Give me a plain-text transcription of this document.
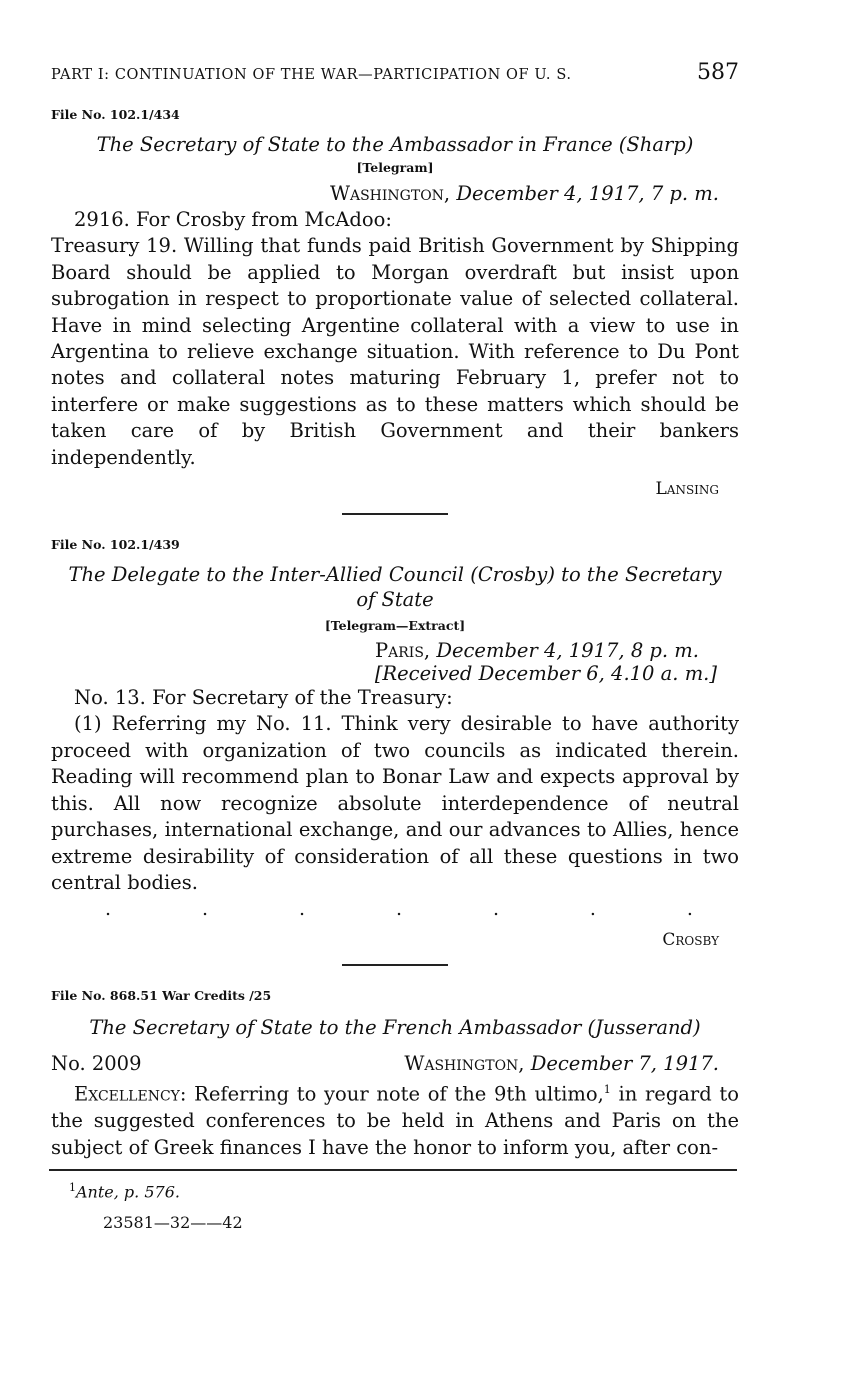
PART I: CONTINUATION OF THE WAR—PARTICIPATION OF U. S.	587
File No. 102.1/434
The Secretary of State to the Ambassador in France (Sharp)
[Telegram]
Washington, December 4, 1917, 7 p. m.
2916. For Crosby from McAdoo:
Treasury 19. Willing that funds paid British Government by Shipping Board should be applied to Morgan overdraft but insist upon subrogation in respect to proportionate value of selected collateral. Have in mind selecting Argentine collateral with a view to use in Argentina to relieve exchange situation. With reference to Du Pont notes and collateral notes maturing February 1, prefer not to interfere or make suggestions as to these matters which should be taken care of by British Government and their bankers independently.
Lansing
File No. 102.1/439
The Delegate to the Inter-Allied Council (Crosby) to the Secretary
of State
[Telegram—Extract]
Paris, December 4, 1917, 8 p. m.
[Received December 6, 4.10 a. m.]
No. 13. For Secretary of the Treasury:
(1) Referring my No. 11. Think very desirable to have authority proceed with organization of two councils as indicated therein. Reading will recommend plan to Bonar Law and expects approval by this. All now recognize absolute interdependence of neutral purchases, international exchange, and our advances to Allies, hence extreme desirability of consideration of all these questions in two central bodies.
.	.	.	.	.	.	.
Crosby
File No. 868.51 War Credits /25
The Secretary of State to the French Ambassador (Jusserand)
No. 2009	Washington, December 7, 1917.
Excellency: Referring to your note of the 9th ultimo,$^1$ in regard to the suggested conferences to be held in Athens and Paris on the subject of Greek finances I have the honor to inform you, after con-
$^1$Ante, p. 576.
23581—32——42
